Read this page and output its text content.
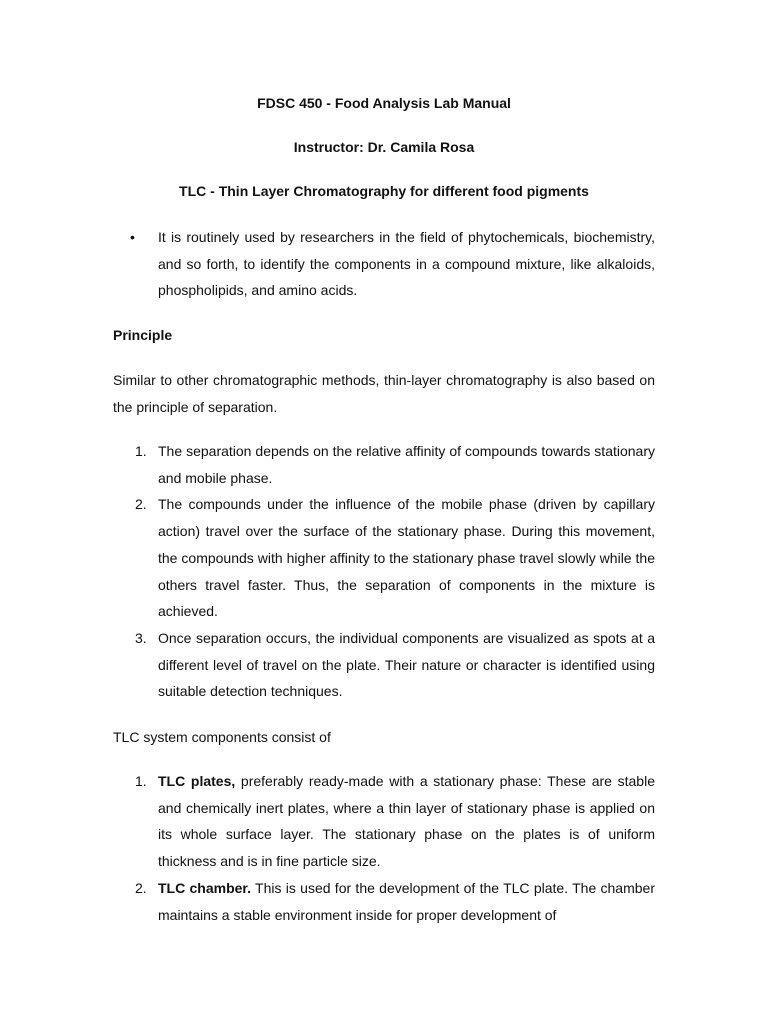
FDSC 450 - Food Analysis Lab Manual
Instructor: Dr. Camila Rosa
TLC - Thin Layer Chromatography for different food pigments
• It is routinely used by researchers in the field of phytochemicals, biochemistry, and so forth, to identify the components in a compound mixture, like alkaloids, phospholipids, and amino acids.
Principle
Similar to other chromatographic methods, thin-layer chromatography is also based on the principle of separation.
1. The separation depends on the relative affinity of compounds towards stationary and mobile phase.
2. The compounds under the influence of the mobile phase (driven by capillary action) travel over the surface of the stationary phase. During this movement, the compounds with higher affinity to the stationary phase travel slowly while the others travel faster. Thus, the separation of components in the mixture is achieved.
3. Once separation occurs, the individual components are visualized as spots at a different level of travel on the plate. Their nature or character is identified using suitable detection techniques.
TLC system components consist of
1. TLC plates, preferably ready-made with a stationary phase: These are stable and chemically inert plates, where a thin layer of stationary phase is applied on its whole surface layer. The stationary phase on the plates is of uniform thickness and is in fine particle size.
2. TLC chamber. This is used for the development of the TLC plate. The chamber maintains a stable environment inside for proper development of
